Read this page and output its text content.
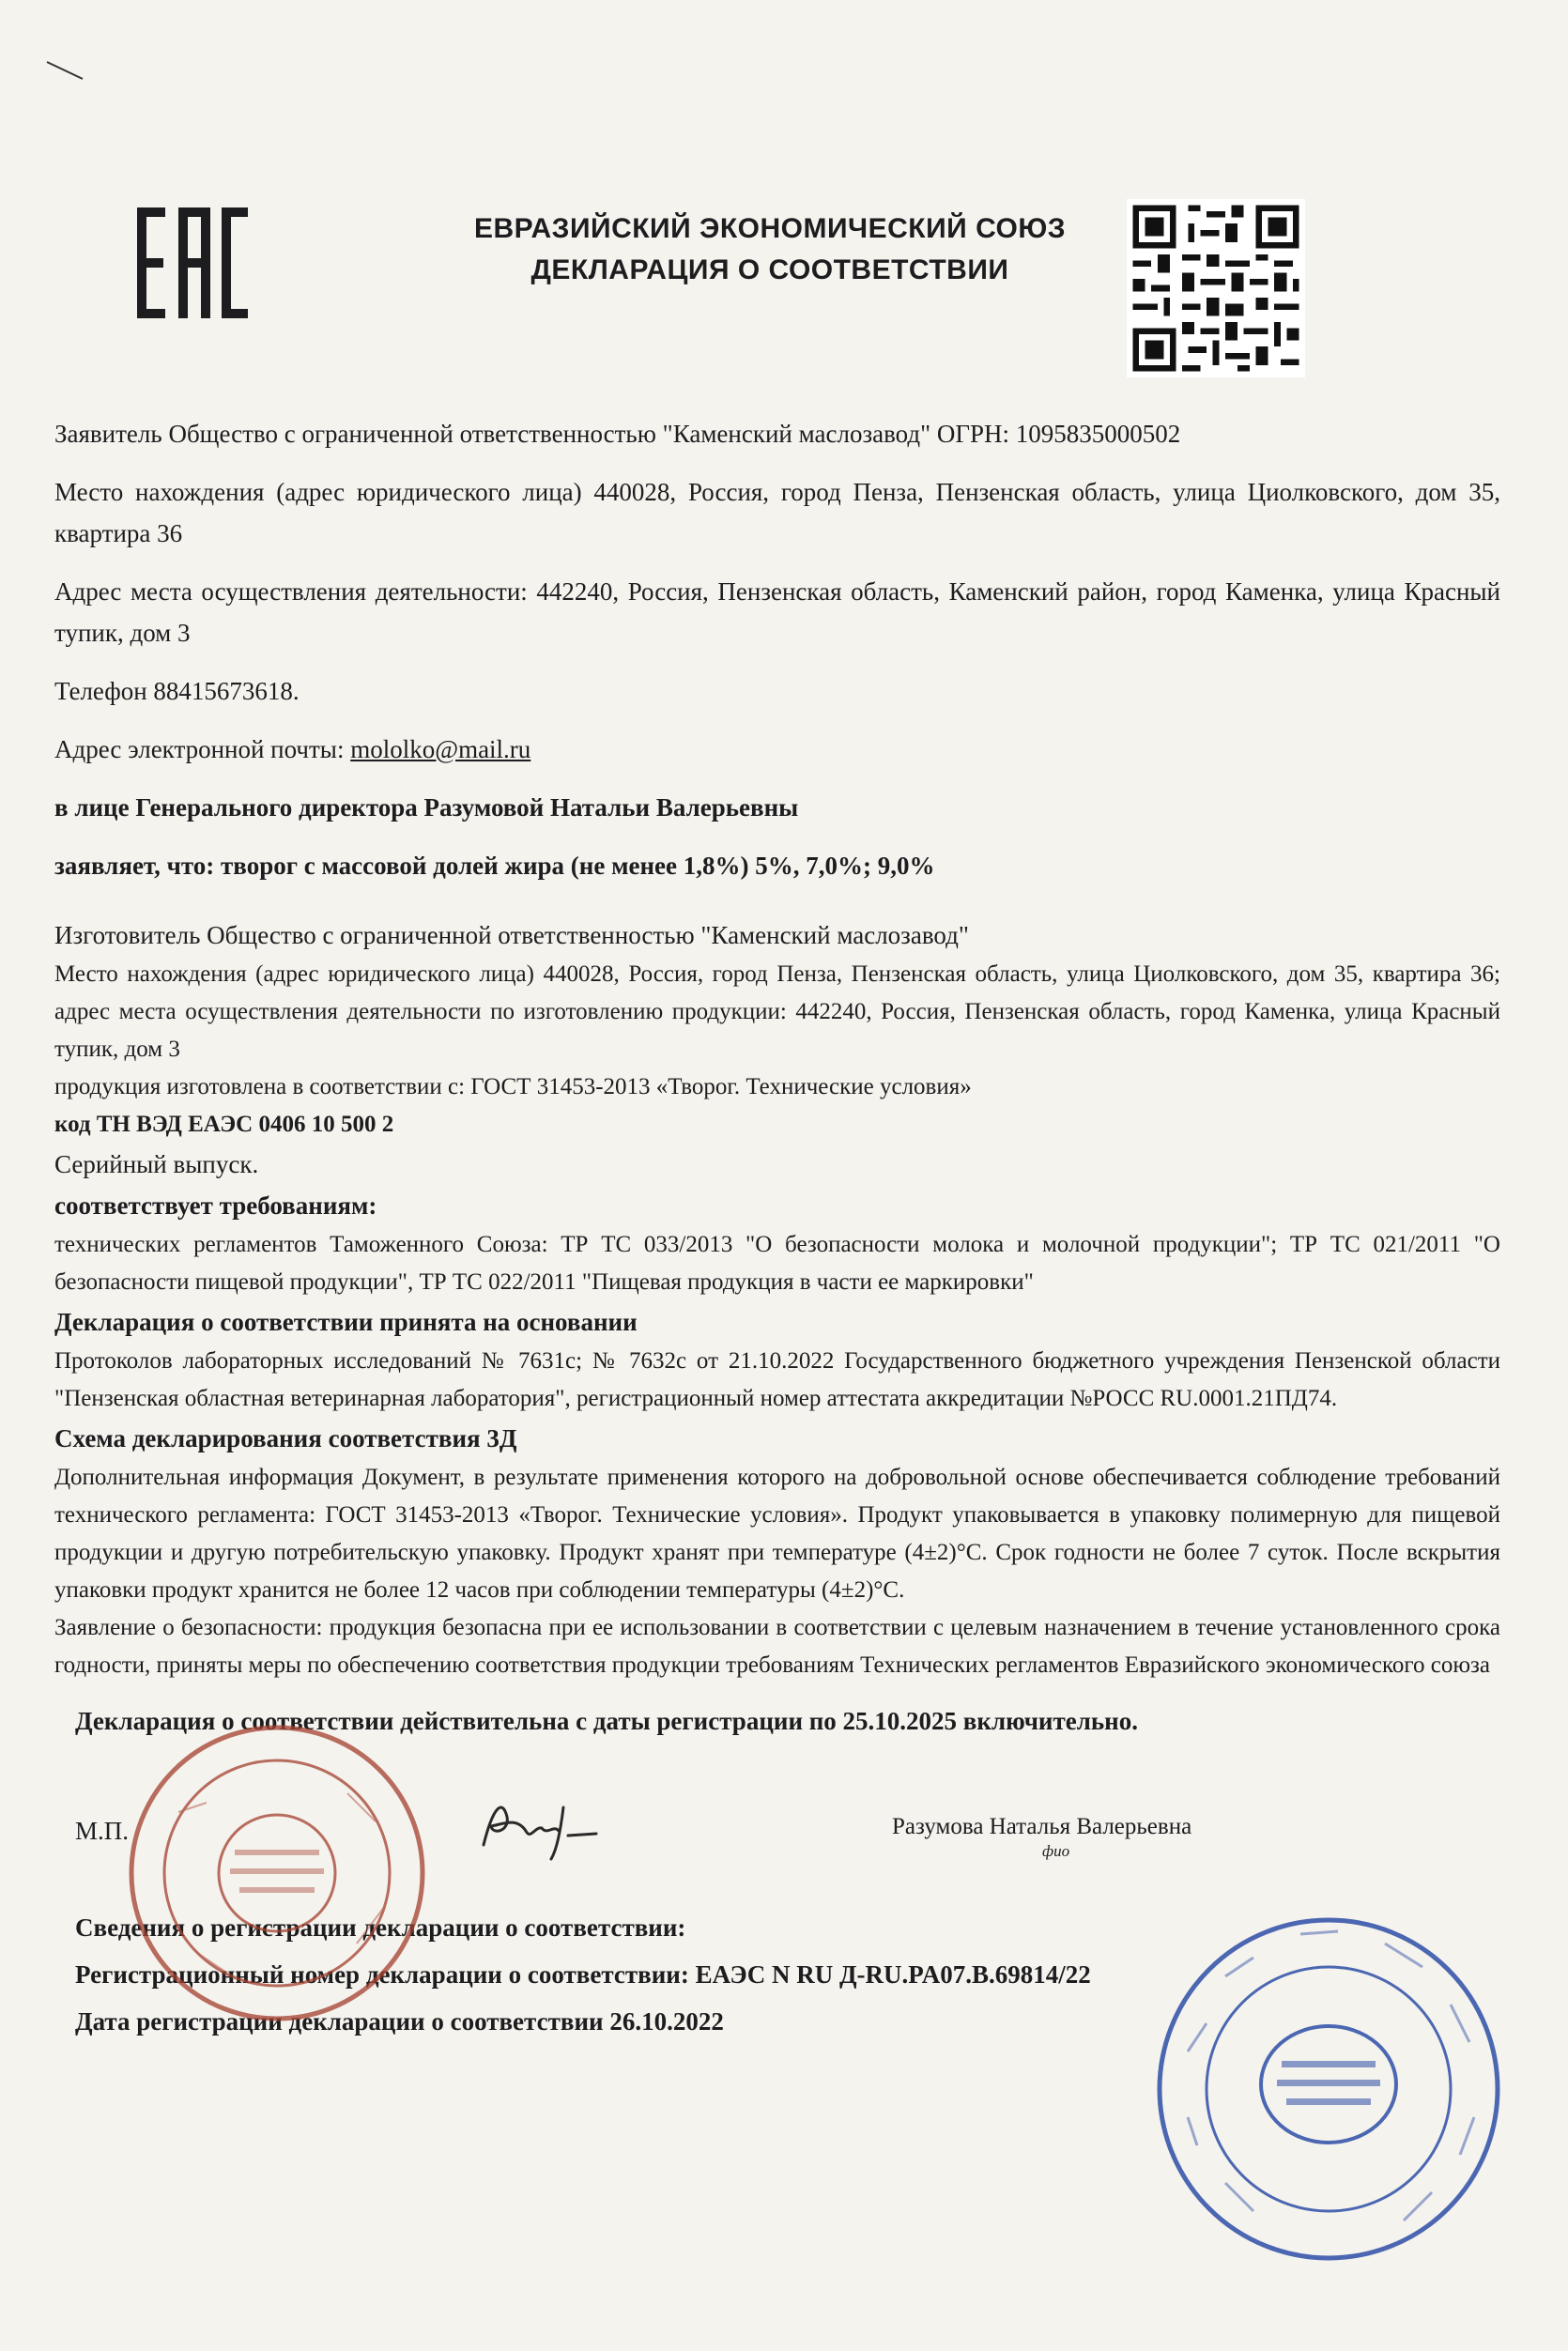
ЕВРАЗИЙСКИЙ ЭКОНОМИЧЕСКИЙ СОЮЗ
ДЕКЛАРАЦИЯ О СООТВЕТСТВИИ

Заявитель Общество с ограниченной ответственностью "Каменский маслозавод" ОГРН: 1095835000502

Место нахождения (адрес юридического лица) 440028, Россия, город Пенза, Пензенская область, улица Циолковского, дом 35, квартира 36

Адрес места осуществления деятельности: 442240, Россия, Пензенская область, Каменский район, город Каменка, улица Красный тупик, дом 3

Телефон 88415673618.

Адрес электронной почты: mololko@mail.ru

в лице Генерального директора Разумовой Натальи Валерьевны

заявляет, что: творог с массовой долей жира (не менее 1,8%) 5%, 7,0%; 9,0%

Изготовитель Общество с ограниченной ответственностью "Каменский маслозавод"

Место нахождения (адрес юридического лица) 440028, Россия, город Пенза, Пензенская область, улица Циолковского, дом 35, квартира 36; адрес места осуществления деятельности по изготовлению продукции: 442240, Россия, Пензенская область, город Каменка, улица Красный тупик, дом 3

продукция изготовлена в соответствии с: ГОСТ 31453-2013 «Творог. Технические условия»

код ТН ВЭД ЕАЭС 0406 10 500 2

Серийный выпуск.

соответствует требованиям:

технических регламентов Таможенного Союза: ТР ТС 033/2013 "О безопасности молока и молочной продукции"; ТР ТС 021/2011 "О безопасности пищевой продукции", ТР ТС 022/2011 "Пищевая продукция в части ее маркировки"

Декларация о соответствии принята на основании

Протоколов лабораторных исследований № 7631с; № 7632с от 21.10.2022 Государственного бюджетного учреждения Пензенской области "Пензенская областная ветеринарная лаборатория", регистрационный номер аттестата аккредитации №РОСС RU.0001.21ПД74.

Схема декларирования соответствия 3Д

Дополнительная информация Документ, в результате применения которого на добровольной основе обеспечивается соблюдение требований технического регламента: ГОСТ 31453-2013 «Творог. Технические условия». Продукт упаковывается в упаковку полимерную для пищевой продукции и другую потребительскую упаковку. Продукт хранят при температуре (4±2)°С. Срок годности не более 7 суток. После вскрытия упаковки продукт хранится не более 12 часов при соблюдении температуры (4±2)°С.

Заявление о безопасности: продукция безопасна при ее использовании в соответствии с целевым назначением в течение установленного срока годности, приняты меры по обеспечению соответствия продукции требованиям Технических регламентов Евразийского экономического союза

Декларация о соответствии действительна с даты регистрации по 25.10.2025 включительно.
М.П.	Разумова Наталья Валерьевна
фио
Сведения о регистрации декларации о соответствии:
Регистрационный номер декларации о соответствии: ЕАЭС N RU Д-RU.PA07.B.69814/22
Дата регистрации декларации о соответствии 26.10.2022
